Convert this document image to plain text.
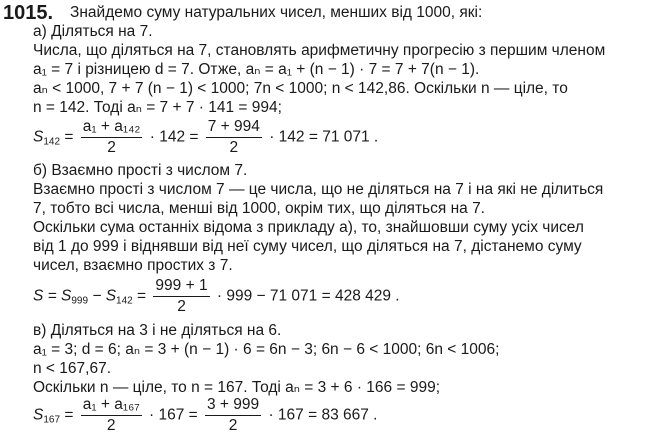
1015. Знайдемо суму натуральних чисел, менших від 1000, які:
а) Діляться на 7.
Числа, що діляться на 7, становлять арифметичну прогресію з першим членом
a₁ = 7 і різницею d = 7. Отже, aₙ = a₁ + (n − 1) · 7 = 7 + 7(n − 1).
aₙ < 1000, 7 + 7 (n − 1) < 1000; 7n < 1000; n < 142,86. Оскільки n — ціле, то
n = 142. Тоді aₙ = 7 + 7 · 141 = 994;
$S_{142} = \frac{\text{a₁ + a₁₄₂}}{2} \cdot 142 = \frac{7 + 994}{2} \cdot 142 = 71$ 071 .
б) Взаємно прості з числом 7.
Взаємно прості з числом 7 — це числа, що не діляться на 7 і на які не ділиться
7, тобто всі числа, менші від 1000, окрім тих, що діляться на 7.
Оскільки сума останніх відома з прикладу а), то, знайшовши суму усіх чисел
від 1 до 999 і віднявши від неї суму чисел, що діляться на 7, дістанемо суму
чисел, взаємно простих з 7.
$S = S_{999} - S_{142} = \frac{999 + 1}{2} \cdot 999 - 71$ 071 = 428 429 .
в) Діляться на 3 і не діляться на 6.
a₁ = 3; d = 6; aₙ = 3 + (n − 1) · 6 = 6n − 3; 6n − 6 < 1000; 6n < 1006;
n < 167,67.
Оскільки n — ціле, то n = 167. Тоді aₙ = 3 + 6 · 166 = 999;
$S_{167} = \frac{\text{a₁ + a₁₆₇}}{2} \cdot 167 = \frac{3 + 999}{2} \cdot 167 = 83$ 667 .
